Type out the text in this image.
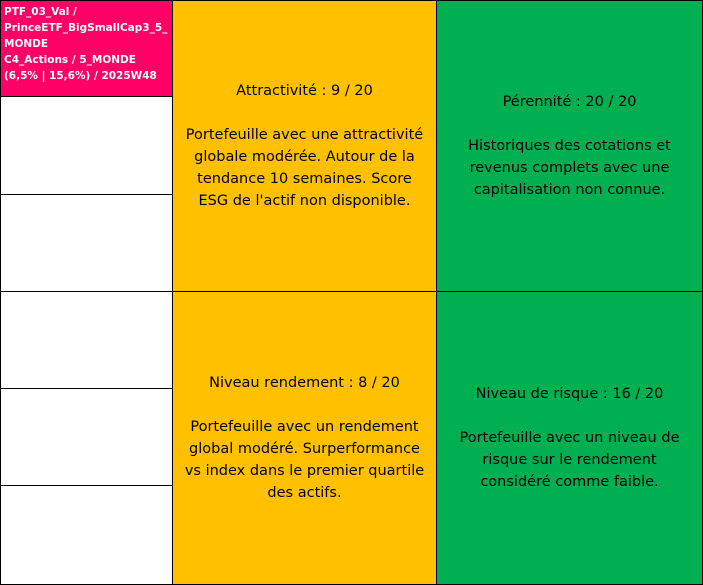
PTF_03_Val /
PrinceETF_BigSmallCap3_5_
MONDE
C4_Actions / 5_MONDE
(6,5% | 15,6%) / 2025W48
Attractivité : 9 / 20
Portefeuille avec une attractivité globale modérée. Autour de la tendance 10 semaines. Score ESG de l'actif non disponible.
Pérennité : 20 / 20
Historiques des cotations et revenus complets avec une capitalisation non connue.
Niveau rendement : 8 / 20
Portefeuille avec un rendement global modéré. Surperformance vs index dans le premier quartile des actifs.
Niveau de risque : 16 / 20
Portefeuille avec un niveau de risque sur le rendement considéré comme faible.
